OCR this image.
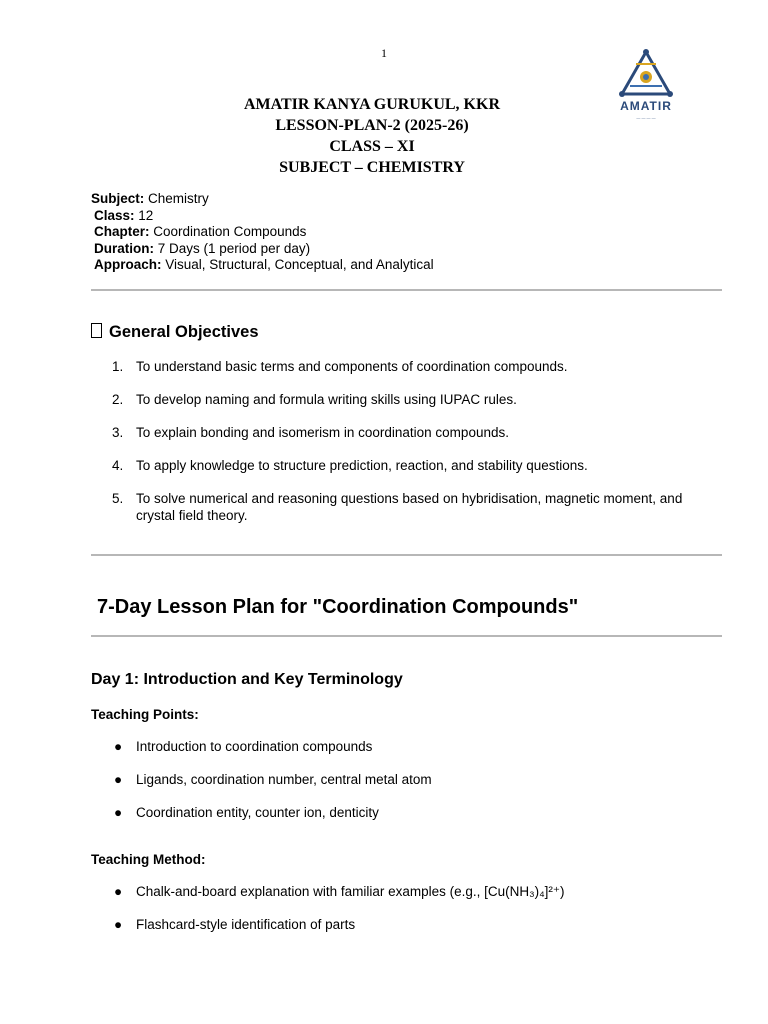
1
AMATIR KANYA GURUKUL, KKR
LESSON-PLAN-2 (2025-26)
CLASS – XI
SUBJECT – CHEMISTRY
AMATIR
— — — —
Subject: Chemistry
Class: 12
Chapter: Coordination Compounds
Duration: 7 Days (1 period per day)
Approach: Visual, Structural, Conceptual, and Analytical
General Objectives
1. To understand basic terms and components of coordination compounds.
2. To develop naming and formula writing skills using IUPAC rules.
3. To explain bonding and isomerism in coordination compounds.
4. To apply knowledge to structure prediction, reaction, and stability questions.
5. To solve numerical and reasoning questions based on hybridisation, magnetic moment, and crystal field theory.
7-Day Lesson Plan for "Coordination Compounds"
Day 1: Introduction and Key Terminology
Teaching Points:
● Introduction to coordination compounds
● Ligands, coordination number, central metal atom
● Coordination entity, counter ion, denticity
Teaching Method:
● Chalk-and-board explanation with familiar examples (e.g., [Cu(NH₃)₄]²⁺)
● Flashcard-style identification of parts
